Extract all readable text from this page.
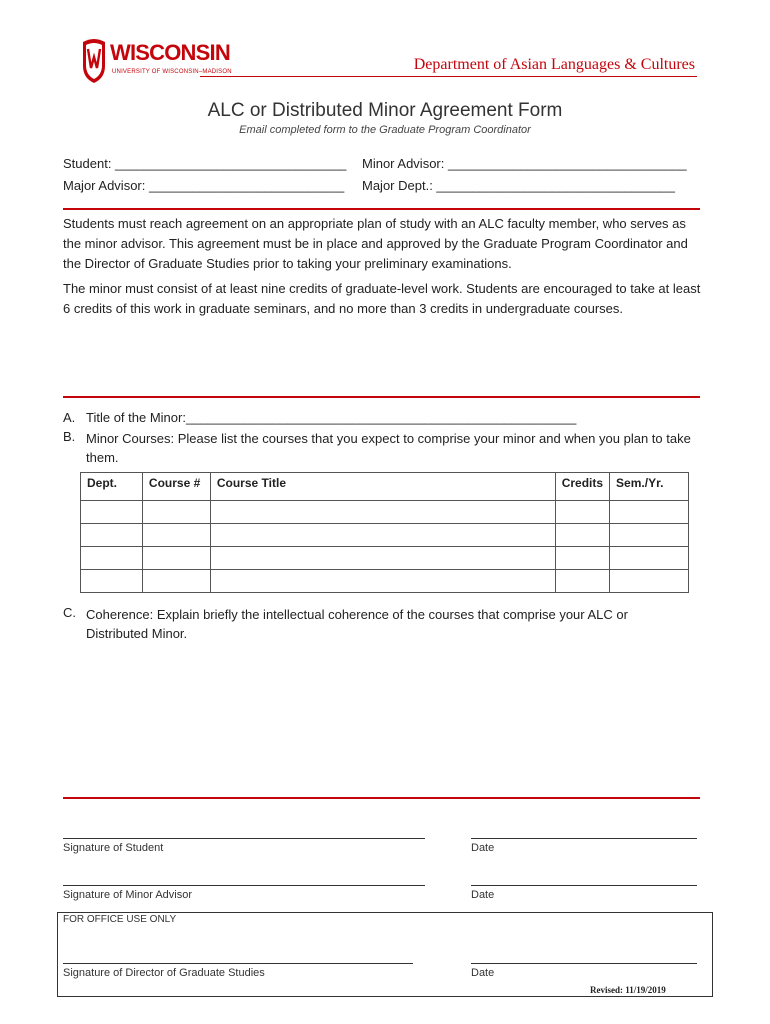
WISCONSIN
UNIVERSITY OF WISCONSIN–MADISON	Department of Asian Languages & Cultures
ALC or Distributed Minor Agreement Form
Email completed form to the Graduate Program Coordinator
Student: ________________________________ Minor Advisor: _________________________________
Major Advisor: ___________________________ Major Dept.: _________________________________
Students must reach agreement on an appropriate plan of study with an ALC faculty member, who serves as the minor advisor. This agreement must be in place and approved by the Graduate Program Coordinator and the Director of Graduate Studies prior to taking your preliminary examinations.
The minor must consist of at least nine credits of graduate-level work. Students are encouraged to take at least 6 credits of this work in graduate seminars, and no more than 3 credits in undergraduate courses.
A. Title of the Minor:______________________________________________________
B. Minor Courses: Please list the courses that you expect to comprise your minor and when you plan to take them.
Dept.	Course #	Course Title	Credits	Sem./Yr.

C. Coherence: Explain briefly the intellectual coherence of the courses that comprise your ALC or Distributed Minor.
Signature of Student	Date
Signature of Minor Advisor	Date
FOR OFFICE USE ONLY
Signature of Director of Graduate Studies	Date
Revised: 11/19/2019
